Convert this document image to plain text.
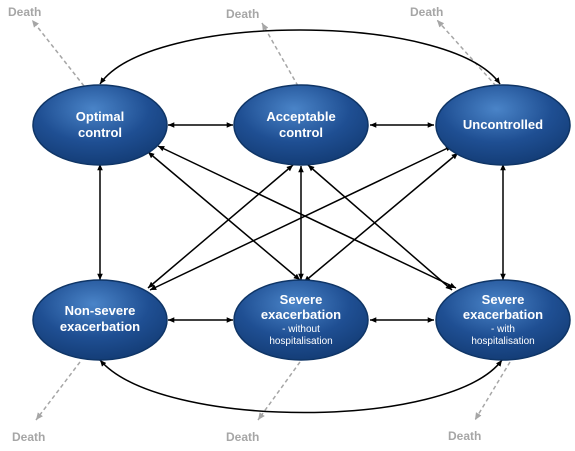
Optimal
control
Acceptable
control
Uncontrolled
Non-severe
exacerbation
Severe
exacerbation
- without
hospitalisation
Severe
exacerbation
- with
hospitalisation
Death	Death	Death
Death	Death	Death
